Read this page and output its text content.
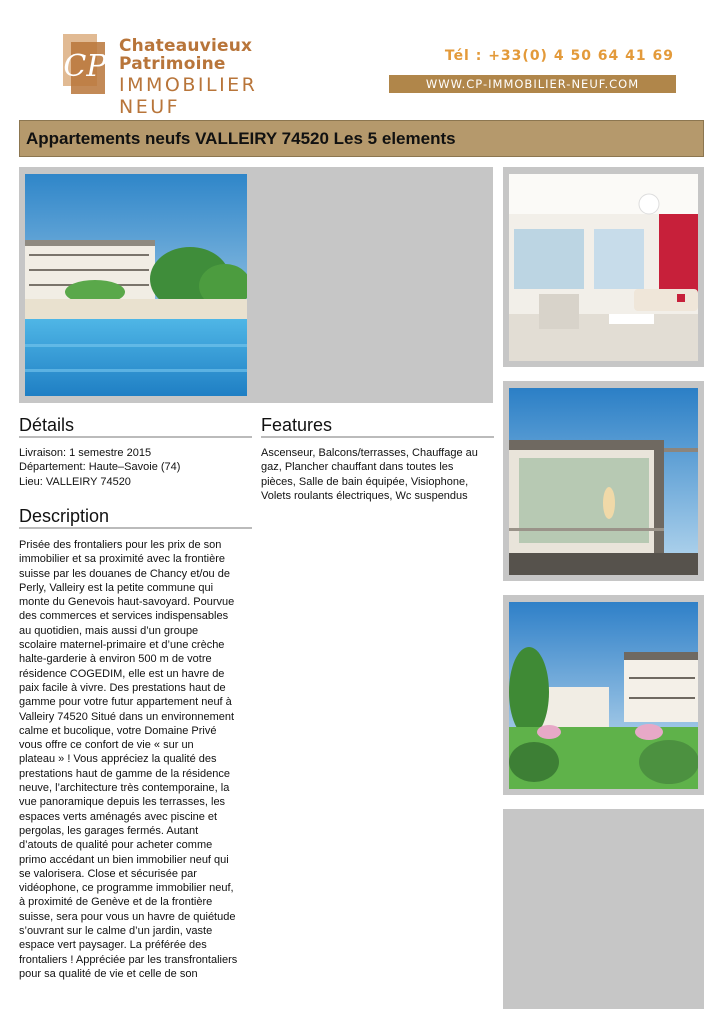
CP
Chateauvieux
Patrimoine
IMMOBILIER NEUF
Tél : +33(0) 4 50 64 41 69
WWW.CP-IMMOBILIER-NEUF.COM
Appartements neufs VALLEIRY 74520 Les 5 elements
Détails
Livraison: 1 semestre 2015
Département: Haute–Savoie (74)
Lieu: VALLEIRY 74520
Features
Ascenseur, Balcons/terrasses, Chauffage au
gaz, Plancher chauffant dans toutes les
pièces, Salle de bain équipée, Visiophone,
Volets roulants électriques, Wc suspendus
Description
Prisée des frontaliers pour les prix de son
immobilier et sa proximité avec la frontière
suisse par les douanes de Chancy et/ou de
Perly, Valleiry est la petite commune qui
monte du Genevois haut-savoyard. Pourvue
des commerces et services indispensables
au quotidien, mais aussi d’un groupe
scolaire maternel-primaire et d’une crèche
halte-garderie à environ 500 m de votre
résidence COGEDIM, elle est un havre de
paix facile à vivre. Des prestations haut de
gamme pour votre futur appartement neuf à
Valleiry 74520 Situé dans un environnement
calme et bucolique, votre Domaine Privé
vous offre ce confort de vie « sur un
plateau » ! Vous appréciez la qualité des
prestations haut de gamme de la résidence
neuve, l’architecture très contemporaine, la
vue panoramique depuis les terrasses, les
espaces verts aménagés avec piscine et
pergolas, les garages fermés. Autant
d’atouts de qualité pour acheter comme
primo accédant un bien immobilier neuf qui
se valorisera. Close et sécurisée par
vidéophone, ce programme immobilier neuf,
à proximité de Genève et de la frontière
suisse, sera pour vous un havre de quiétude
s’ouvrant sur le calme d’un jardin, vaste
espace vert paysager. La préférée des
frontaliers ! Appréciée par les transfrontaliers
pour sa qualité de vie et celle de son
